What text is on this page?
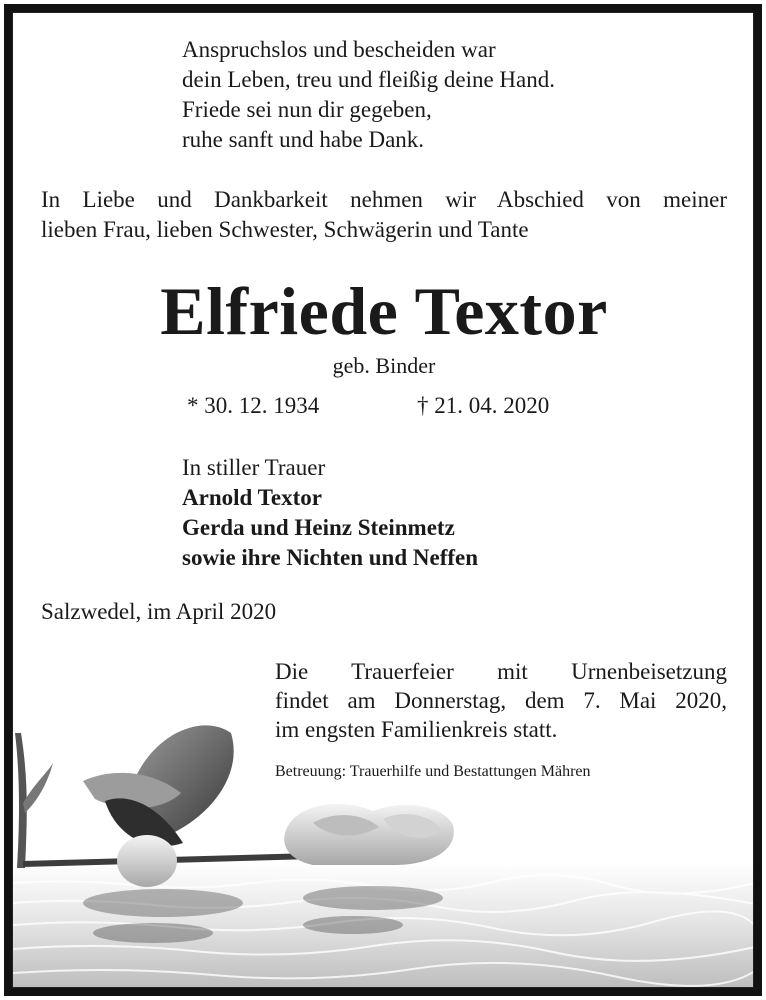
Anspruchslos und bescheiden war
dein Leben, treu und fleißig deine Hand.
Friede sei nun dir gegeben,
ruhe sanft und habe Dank.
In Liebe und Dankbarkeit nehmen wir Abschied von meiner
lieben Frau, lieben Schwester, Schwägerin und Tante
Elfriede Textor
geb. Binder
* 30. 12. 1934	† 21. 04. 2020
In stiller Trauer
Arnold Textor
Gerda und Heinz Steinmetz
sowie ihre Nichten und Neffen
Salzwedel, im April 2020
Die Trauerfeier mit Urnenbeisetzung
findet am Donnerstag, dem 7. Mai 2020,
im engsten Familienkreis statt.
Betreuung: Trauerhilfe und Bestattungen Mähren
